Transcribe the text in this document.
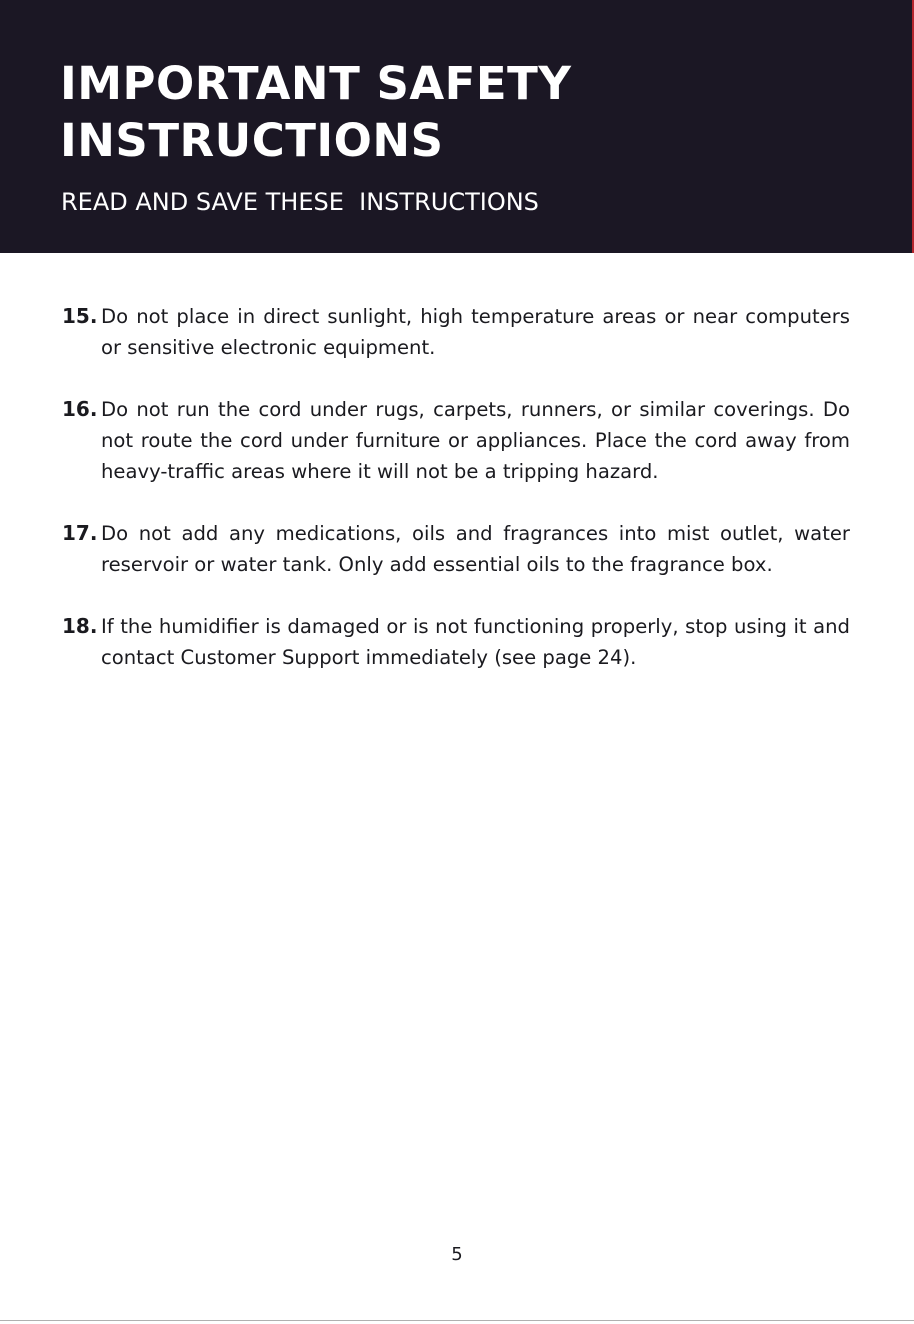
IMPORTANT SAFETY INSTRUCTIONS

READ AND SAVE THESE  INSTRUCTIONS

15. Do not place in direct sunlight, high temperature areas or near computers or sensitive electronic equipment.
16. Do not run the cord under rugs, carpets, runners, or similar coverings. Do not route the cord under furniture or appliances. Place the cord away from heavy-traffic areas where it will not be a tripping hazard.
17. Do not add any medications, oils and fragrances into mist outlet, water reservoir or water tank. Only add essential oils to the fragrance box.
18. If the humidifier is damaged or is not functioning properly, stop using it and contact Customer Support immediately (see page 24).
5
